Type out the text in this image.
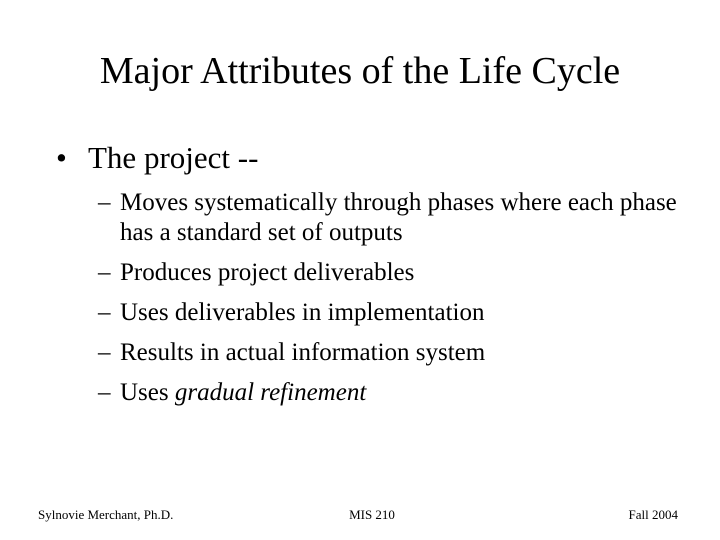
Major Attributes of the Life Cycle
• The project --
– Moves systematically through phases where each phase has a standard set of outputs
– Produces project deliverables
– Uses deliverables in implementation
– Results in actual information system
– Uses gradual refinement
Sylnovie Merchant, Ph.D.	MIS 210	Fall 2004
